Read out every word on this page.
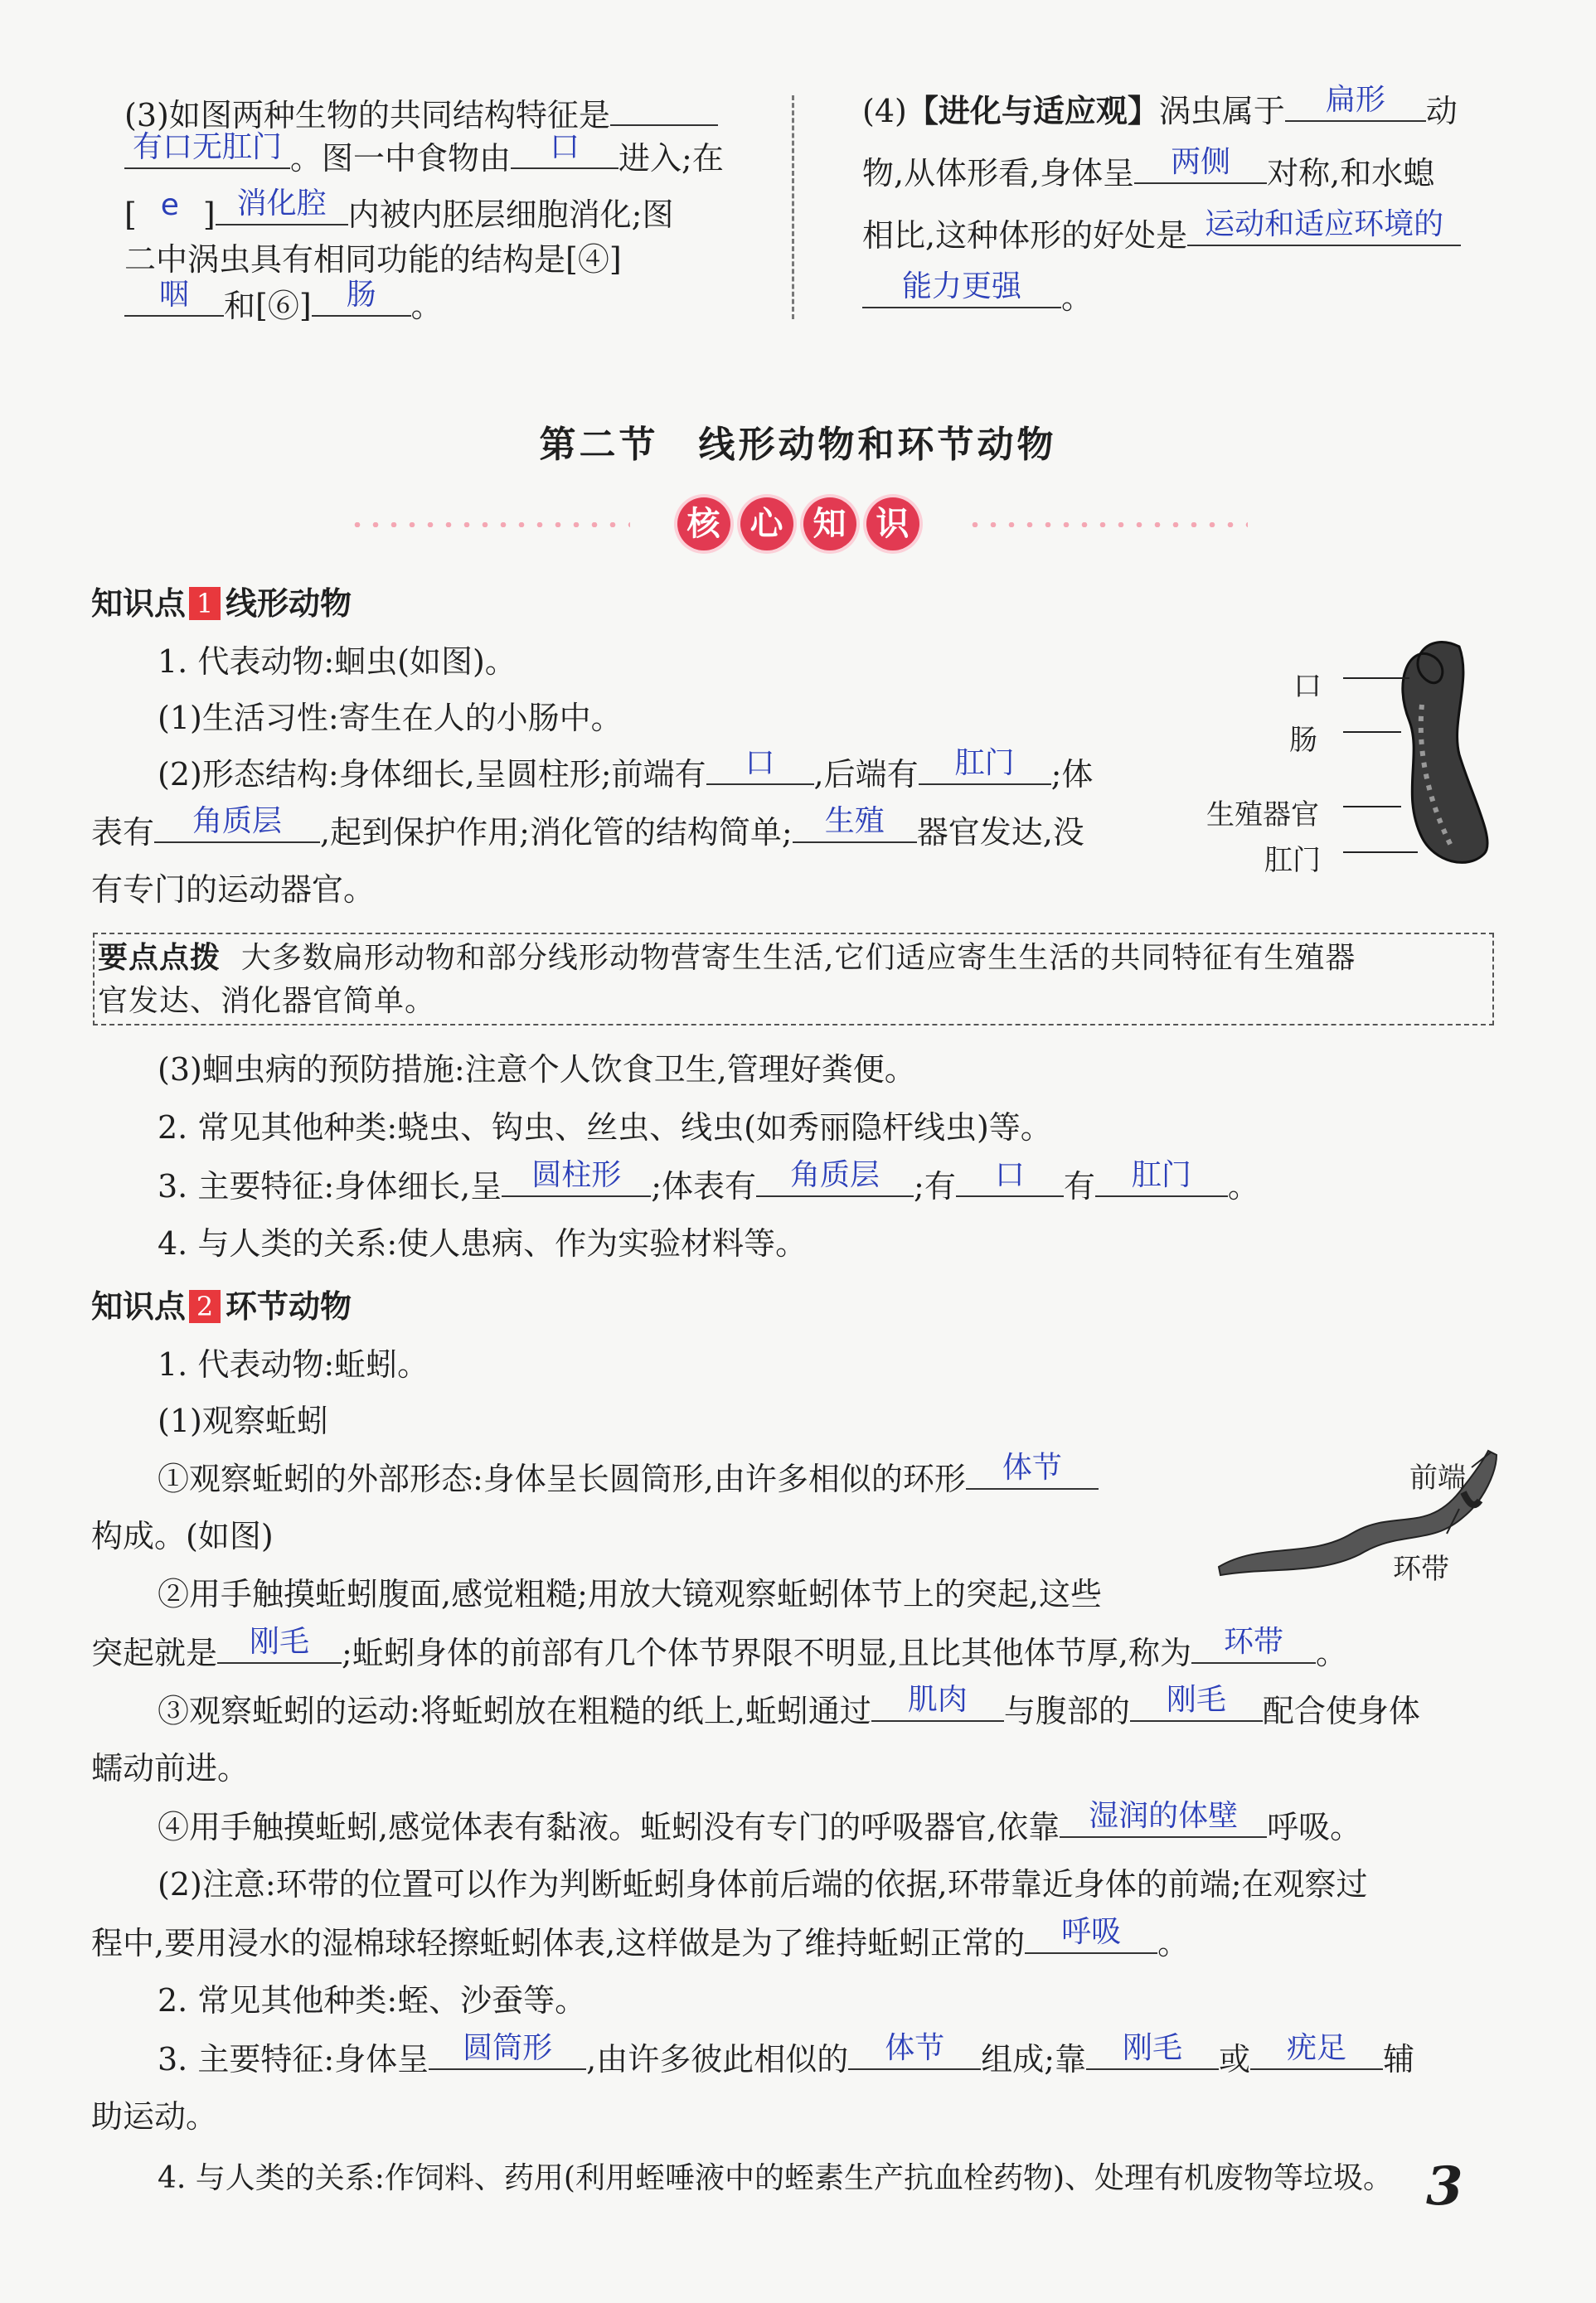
(3)如图两种生物的共同结构特征是
有口无肛门 。图一中食物由	口	进入;在
[ e ] 消化腔 内被内胚层细胞消化;图
二中涡虫具有相同功能的结构是[④]
咽	和[⑥]	肠	。
(4)【进化与适应观】涡虫属于	扁形	动
物,从体形看,身体呈	两侧	对称,和水螅
相比,这种体形的好处是 运动和适应环境的
能力更强	。
第二节　线形动物和环节动物
核 心 知 识
知识点 1 线形动物
1. 代表动物:蛔虫(如图)。
(1)生活习性:寄生在人的小肠中。
(2)形态结构:身体细长,呈圆柱形;前端有	口	,后端有	肛门	;体
表有	角质层	,起到保护作用;消化管的结构简单;	生殖	器官发达,没
有专门的运动器官。
口
肠
生殖器官
肛门
要点点拨 大多数扁形动物和部分线形动物营寄生生活,它们适应寄生生活的共同特征有生殖器
官发达、消化器官简单。
(3)蛔虫病的预防措施:注意个人饮食卫生,管理好粪便。
2. 常见其他种类:蛲虫、钩虫、丝虫、线虫(如秀丽隐杆线虫)等。
3. 主要特征:身体细长,呈 圆柱形 ;体表有	角质层	;有	口	有	肛门	。
4. 与人类的关系:使人患病、作为实验材料等。
知识点 2 环节动物
1. 代表动物:蚯蚓。
(1)观察蚯蚓
①观察蚯蚓的外部形态:身体呈长圆筒形,由许多相似的环形	体节
构成。(如图)
前端
环带
②用手触摸蚯蚓腹面,感觉粗糙;用放大镜观察蚯蚓体节上的突起,这些
突起就是	刚毛	;蚯蚓身体的前部有几个体节界限不明显,且比其他体节厚,称为	环带	。
③观察蚯蚓的运动:将蚯蚓放在粗糙的纸上,蚯蚓通过	肌肉	与腹部的	刚毛	配合使身体
蠕动前进。
④用手触摸蚯蚓,感觉体表有黏液。蚯蚓没有专门的呼吸器官,依靠 湿润的体壁 呼吸。
(2)注意:环带的位置可以作为判断蚯蚓身体前后端的依据,环带靠近身体的前端;在观察过
程中,要用浸水的湿棉球轻擦蚯蚓体表,这样做是为了维持蚯蚓正常的	呼吸	。
2. 常见其他种类:蛭、沙蚕等。
3. 主要特征:身体呈	圆筒形	,由许多彼此相似的	体节	组成;靠	刚毛	或	疣足	辅
助运动。
4. 与人类的关系:作饲料、药用(利用蛭唾液中的蛭素生产抗血栓药物)、处理有机废物等垃圾。 3
